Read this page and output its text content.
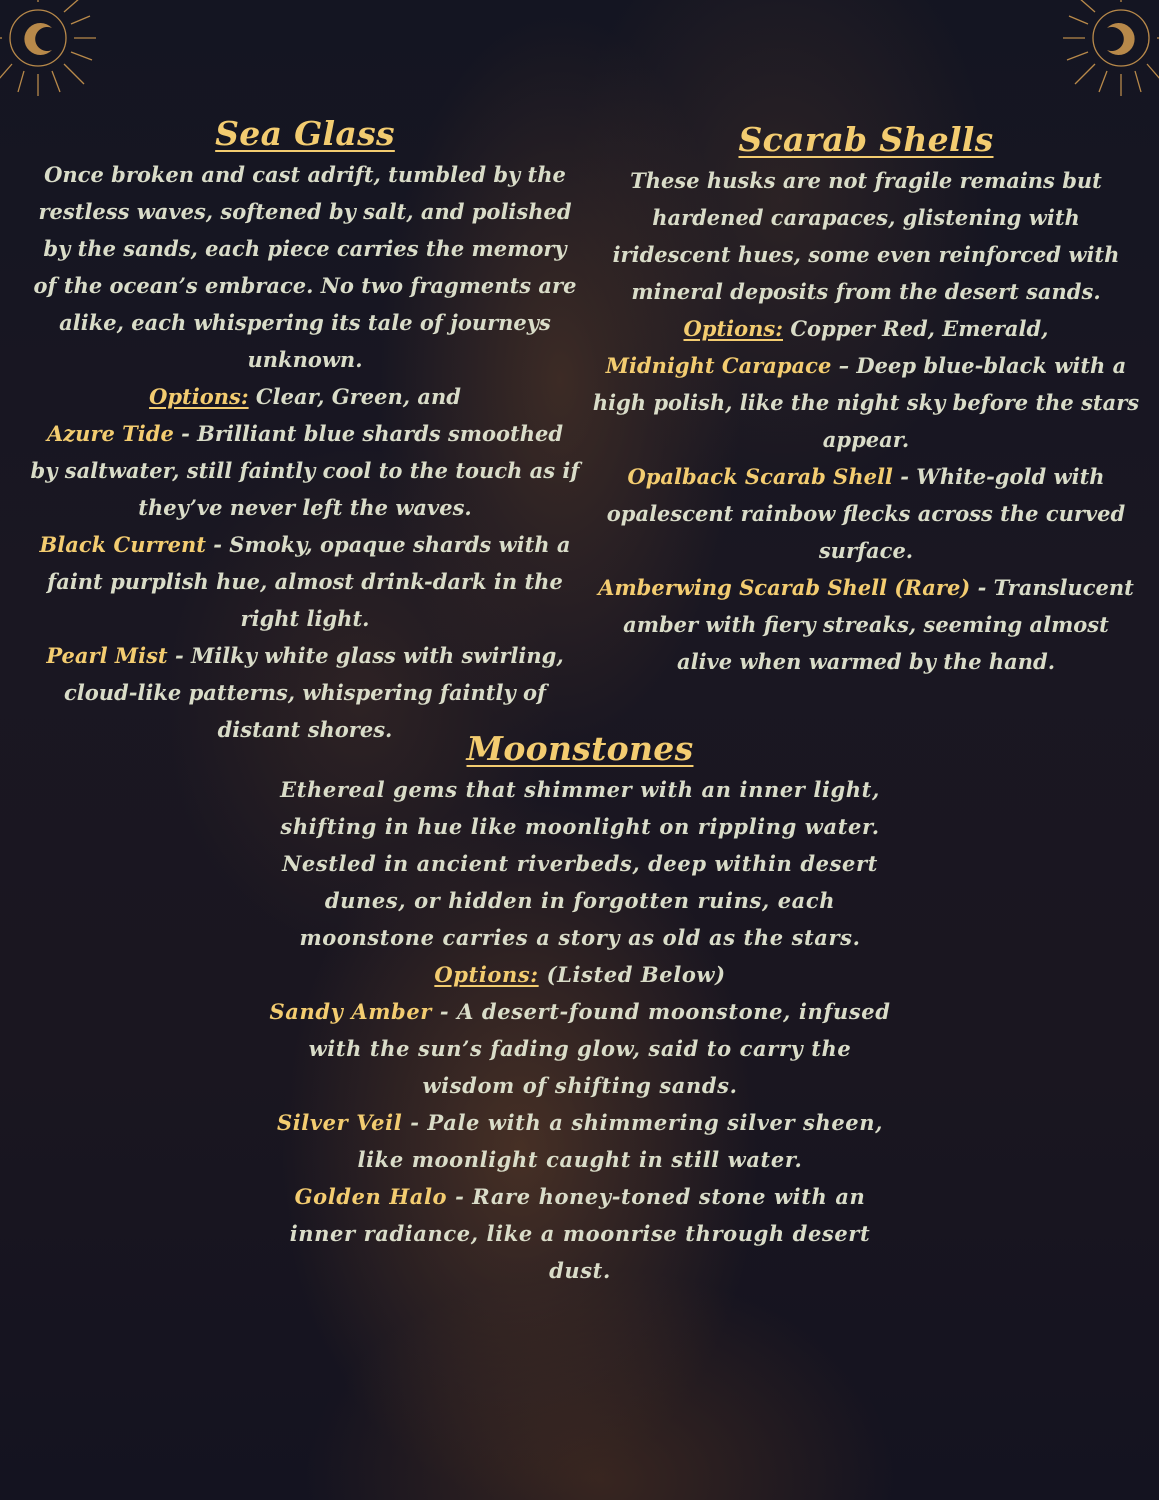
Sea Glass

Once broken and cast adrift, tumbled by the restless waves, softened by salt, and polished by the sands, each piece carries the memory of the ocean’s embrace. No two fragments are alike, each whispering its tale of journeys unknown.

Options: Clear, Green, and

Azure Tide - Brilliant blue shards smoothed by saltwater, still faintly cool to the touch as if they’ve never left the waves.

Black Current - Smoky, opaque shards with a faint purplish hue, almost drink-dark in the right light.

Pearl Mist - Milky white glass with swirling, cloud-like patterns, whispering faintly of distant shores.

Scarab Shells

These husks are not fragile remains but hardened carapaces, glistening with iridescent hues, some even reinforced with mineral deposits from the desert sands.

Options: Copper Red, Emerald,

Midnight Carapace – Deep blue-black with a high polish, like the night sky before the stars appear.

Opalback Scarab Shell - White-gold with opalescent rainbow flecks across the curved surface.

Amberwing Scarab Shell (Rare) - Translucent amber with fiery streaks, seeming almost alive when warmed by the hand.

Moonstones

Ethereal gems that shimmer with an inner light, shifting in hue like moonlight on rippling water. Nestled in ancient riverbeds, deep within desert dunes, or hidden in forgotten ruins, each moonstone carries a story as old as the stars.

Options: (Listed Below)

Sandy Amber - A desert-found moonstone, infused with the sun’s fading glow, said to carry the wisdom of shifting sands.

Silver Veil - Pale with a shimmering silver sheen, like moonlight caught in still water.

Golden Halo - Rare honey-toned stone with an inner radiance, like a moonrise through desert dust.
